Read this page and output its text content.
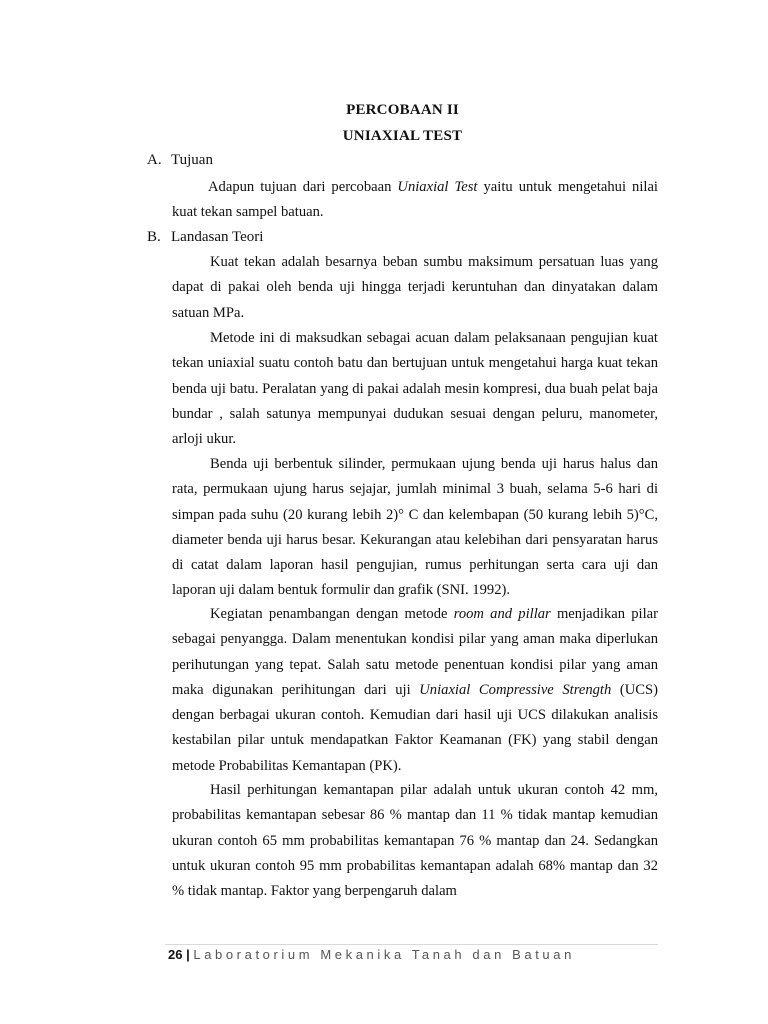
PERCOBAAN II
UNIAXIAL TEST
A. Tujuan

Adapun tujuan dari percobaan Uniaxial Test yaitu untuk mengetahui nilai kuat tekan sampel batuan.

B. Landasan Teori

Kuat tekan adalah besarnya beban sumbu maksimum persatuan luas yang dapat di pakai oleh benda uji hingga terjadi keruntuhan dan dinyatakan dalam satuan MPa.

Metode ini di maksudkan sebagai acuan dalam pelaksanaan pengujian kuat tekan uniaxial suatu contoh batu dan bertujuan untuk mengetahui harga kuat tekan benda uji batu. Peralatan yang di pakai adalah mesin kompresi, dua buah pelat baja bundar , salah satunya mempunyai dudukan sesuai dengan peluru, manometer, arloji ukur.

Benda uji berbentuk silinder, permukaan ujung benda uji harus halus dan rata, permukaan ujung harus sejajar, jumlah minimal 3 buah, selama 5-6 hari di simpan pada suhu (20 kurang lebih 2)° C dan kelembapan (50 kurang lebih 5)°C, diameter benda uji harus besar. Kekurangan atau kelebihan dari pensyaratan harus di catat dalam laporan hasil pengujian, rumus perhitungan serta cara uji dan laporan uji dalam bentuk formulir dan grafik (SNI. 1992).

Kegiatan penambangan dengan metode room and pillar menjadikan pilar sebagai penyangga. Dalam menentukan kondisi pilar yang aman maka diperlukan perihutungan yang tepat. Salah satu metode penentuan kondisi pilar yang aman maka digunakan perihitungan dari uji Uniaxial Compressive Strength (UCS) dengan berbagai ukuran contoh. Kemudian dari hasil uji UCS dilakukan analisis kestabilan pilar untuk mendapatkan Faktor Keamanan (FK) yang stabil dengan metode Probabilitas Kemantapan (PK).

Hasil perhitungan kemantapan pilar adalah untuk ukuran contoh 42 mm, probabilitas kemantapan sebesar 86 % mantap dan 11 % tidak mantap kemudian ukuran contoh 65 mm probabilitas kemantapan 76 % mantap dan 24. Sedangkan untuk ukuran contoh 95 mm probabilitas kemantapan adalah 68% mantap dan 32 % tidak mantap. Faktor yang berpengaruh dalam

26 | Laboratorium Mekanika Tanah dan Batuan
